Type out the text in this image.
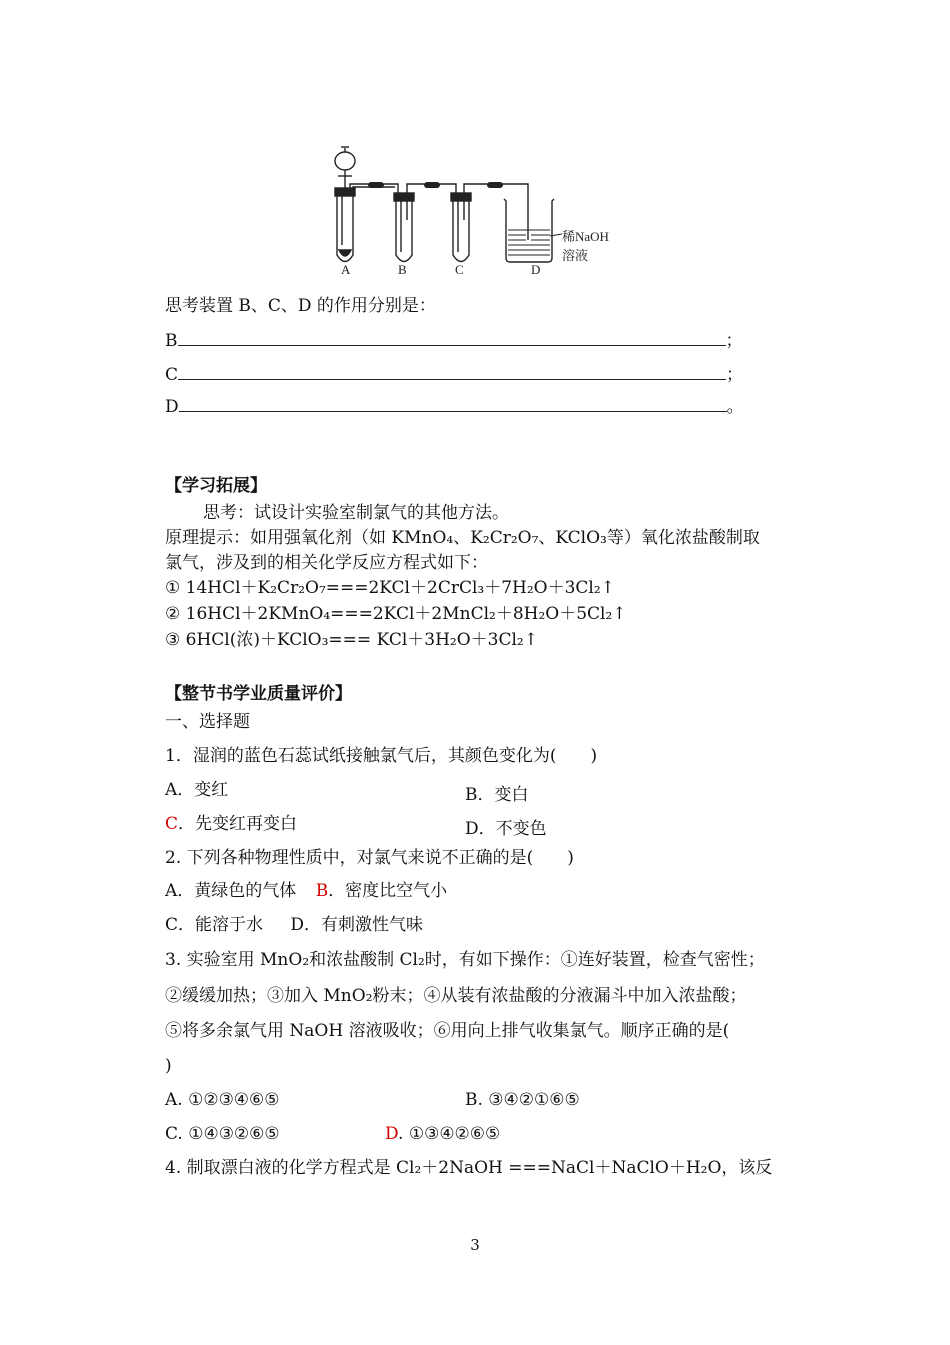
A	B	C	D
稀NaOH
溶液
思考装置 B、C、D 的作用分别是：
B	；
C	；
D	。
【学习拓展】
思考：试设计实验室制氯气的其他方法。
原理提示：如用强氧化剂（如 KMnO₄、K₂Cr₂O₇、KClO₃等）氧化浓盐酸制取
氯气，涉及到的相关化学反应方程式如下：
① 14HCl＋K₂Cr₂O₇===2KCl＋2CrCl₃＋7H₂O＋3Cl₂↑
② 16HCl＋2KMnO₄===2KCl＋2MnCl₂＋8H₂O＋5Cl₂↑
③ 6HCl(浓)＋KClO₃=== KCl＋3H₂O＋3Cl₂↑
【整节书学业质量评价】
一、选择题
1．湿润的蓝色石蕊试纸接触氯气后，其颜色变化为(　　)
A．变红	B．变白
C．先变红再变白	D．不变色
2. 下列各种物理性质中，对氯气来说不正确的是(　　)
A．黄绿色的气体 B．密度比空气小
C．能溶于水 D．有刺激性气味
3. 实验室用 MnO₂和浓盐酸制 Cl₂时，有如下操作：①连好装置，检查气密性；
②缓缓加热；③加入 MnO₂粉末；④从装有浓盐酸的分液漏斗中加入浓盐酸；
⑤将多余氯气用 NaOH 溶液吸收；⑥用向上排气收集氯气。顺序正确的是(
)
A. ①②③④⑥⑤	B. ③④②①⑥⑤
C. ①④③②⑥⑤	D. ①③④②⑥⑤
4. 制取漂白液的化学方程式是 Cl₂＋2NaOH ===NaCl＋NaClO＋H₂O，该反
3
